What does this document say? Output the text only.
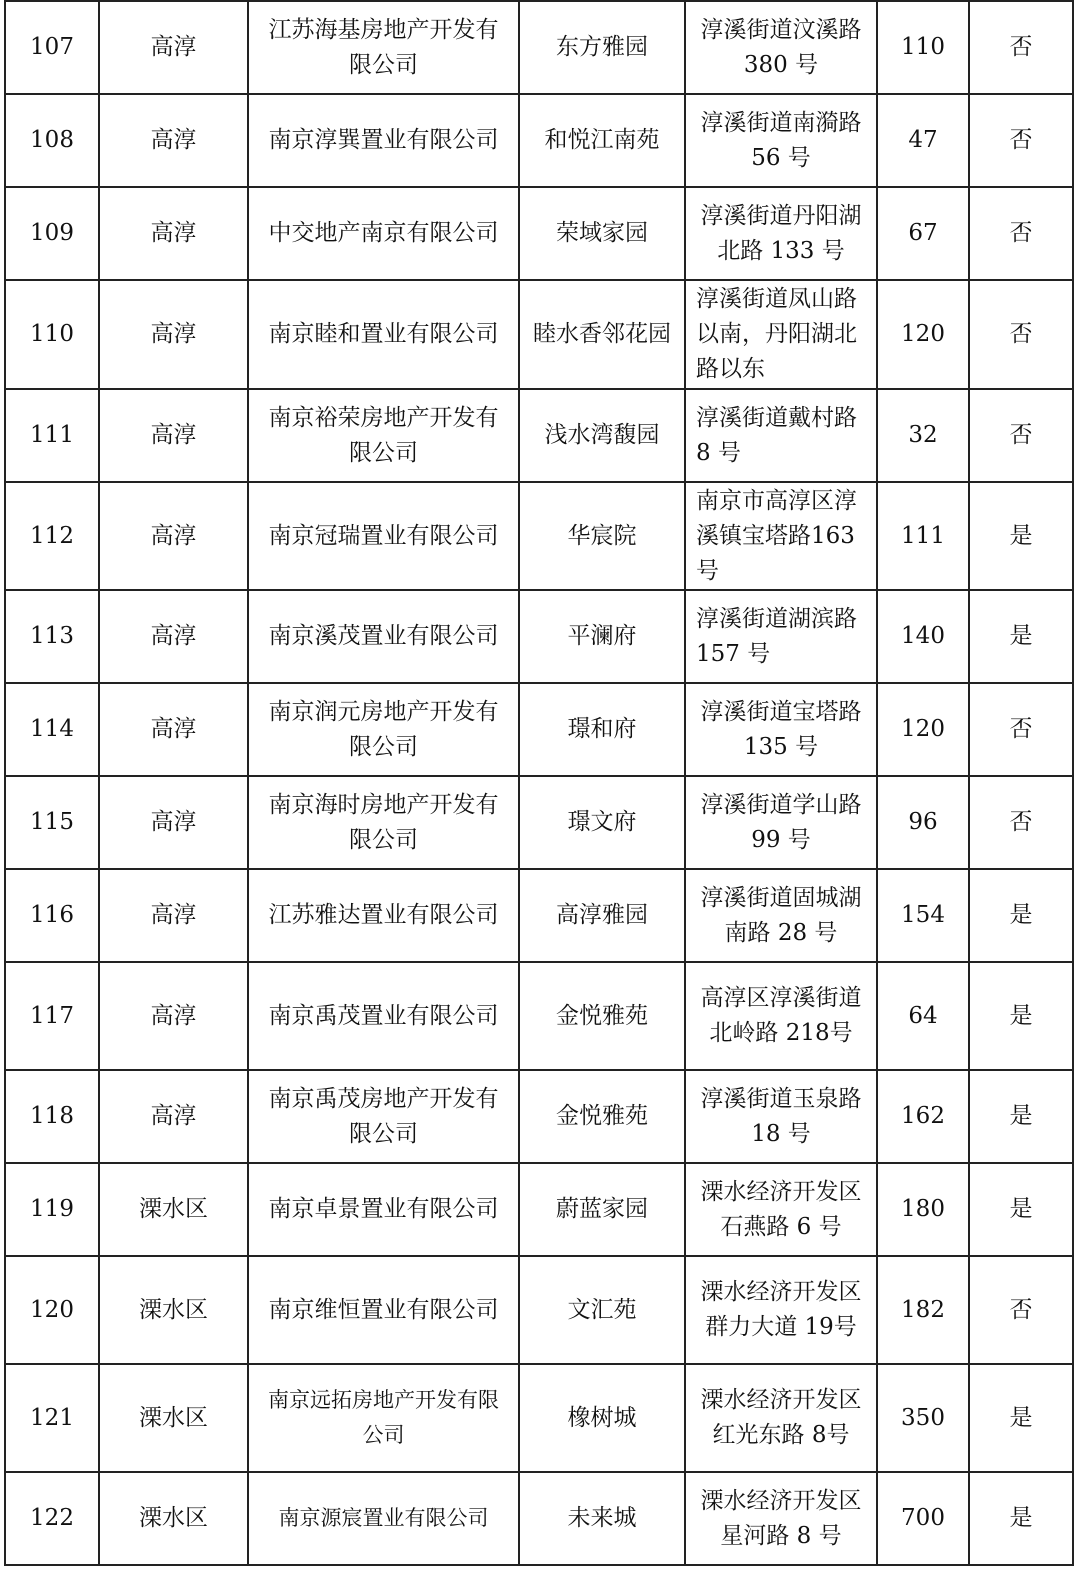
107	高淳	江苏海基房地产开发有限公司	东方雅园	淳溪街道汶溪路 380 号	110	否
108	高淳	南京淳巽置业有限公司	和悦江南苑	淳溪街道南漪路 56 号	47	否
109	高淳	中交地产南京有限公司	荣域家园	淳溪街道丹阳湖北路 133 号	67	否
110	高淳	南京睦和置业有限公司	睦水香邻花园	淳溪街道凤山路以南，丹阳湖北路以东	120	否
111	高淳	南京裕荣房地产开发有限公司	浅水湾馥园	淳溪街道戴村路 8 号	32	否
112	高淳	南京冠瑞置业有限公司	华宸院	南京市高淳区淳溪镇宝塔路163 号	111	是
113	高淳	南京溪茂置业有限公司	平澜府	淳溪街道湖滨路 157 号	140	是
114	高淳	南京润元房地产开发有限公司	璟和府	淳溪街道宝塔路 135 号	120	否
115	高淳	南京海时房地产开发有限公司	璟文府	淳溪街道学山路 99 号	96	否
116	高淳	江苏雅达置业有限公司	高淳雅园	淳溪街道固城湖南路 28 号	154	是
117	高淳	南京禹茂置业有限公司	金悦雅苑	高淳区淳溪街道北岭路 218号	64	是
118	高淳	南京禹茂房地产开发有限公司	金悦雅苑	淳溪街道玉泉路 18 号	162	是
119	溧水区	南京卓景置业有限公司	蔚蓝家园	溧水经济开发区石燕路 6 号	180	是
120	溧水区	南京维恒置业有限公司	文汇苑	溧水经济开发区群力大道 19号	182	否
121	溧水区	南京远拓房地产开发有限公司	橡树城	溧水经济开发区红光东路 8号	350	是
122	溧水区	南京源宸置业有限公司	未来城	溧水经济开发区星河路 8 号	700	是
